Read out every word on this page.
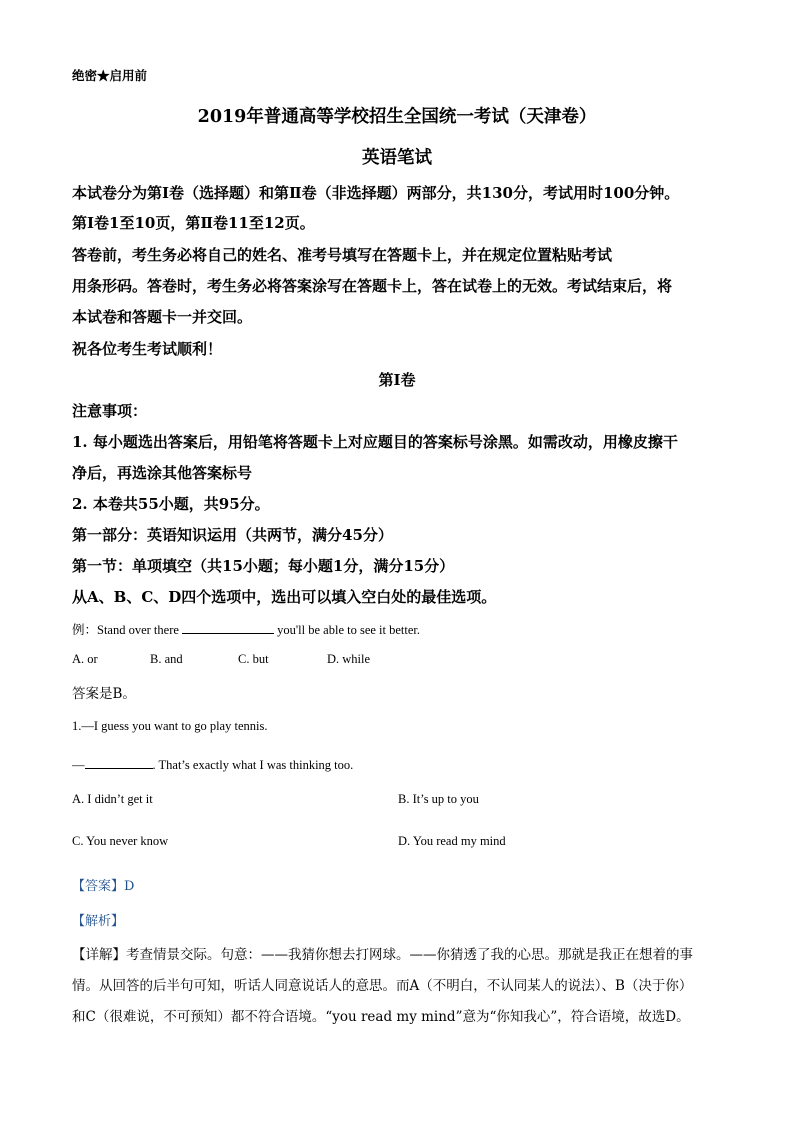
绝密★启用前
2019年普通高等学校招生全国统一考试（天津卷）
英语笔试
本试卷分为第Ⅰ卷（选择题）和第Ⅱ卷（非选择题）两部分，共130分，考试用时100分钟。
第Ⅰ卷1至10页，第Ⅱ卷11至12页。
答卷前，考生务必将自己的姓名、准考号填写在答题卡上，并在规定位置粘贴考试
用条形码。答卷时，考生务必将答案涂写在答题卡上，答在试卷上的无效。考试结束后，将
本试卷和答题卡一并交回。
祝各位考生考试顺利！
第Ⅰ卷
注意事项：
1. 每小题选出答案后，用铅笔将答题卡上对应题目的答案标号涂黑。如需改动，用橡皮擦干
净后，再选涂其他答案标号
2. 本卷共55小题，共95分。
第一部分：英语知识运用（共两节，满分45分）
第一节：单项填空（共15小题；每小题1分，满分15分）
从A、B、C、D四个选项中，选出可以填入空白处的最佳选项。
例：Stand over there	you'll be able to see it better.
A. or	B. and	C. but	D. while
答案是B。
1.—I guess you want to go play tennis.
—	. That’s exactly what I was thinking too.
A. I didn’t get it	B. It’s up to you
C. You never know	D. You read my mind
【答案】D
【解析】
【详解】考查情景交际。句意：——我猜你想去打网球。——你猜透了我的心思。那就是我正在想着的事
情。从回答的后半句可知，听话人同意说话人的意思。而A（不明白，不认同某人的说法）、B（决于你）
和C（很难说，不可预知）都不符合语境。“you read my mind”意为“你知我心”，符合语境，故选D。
